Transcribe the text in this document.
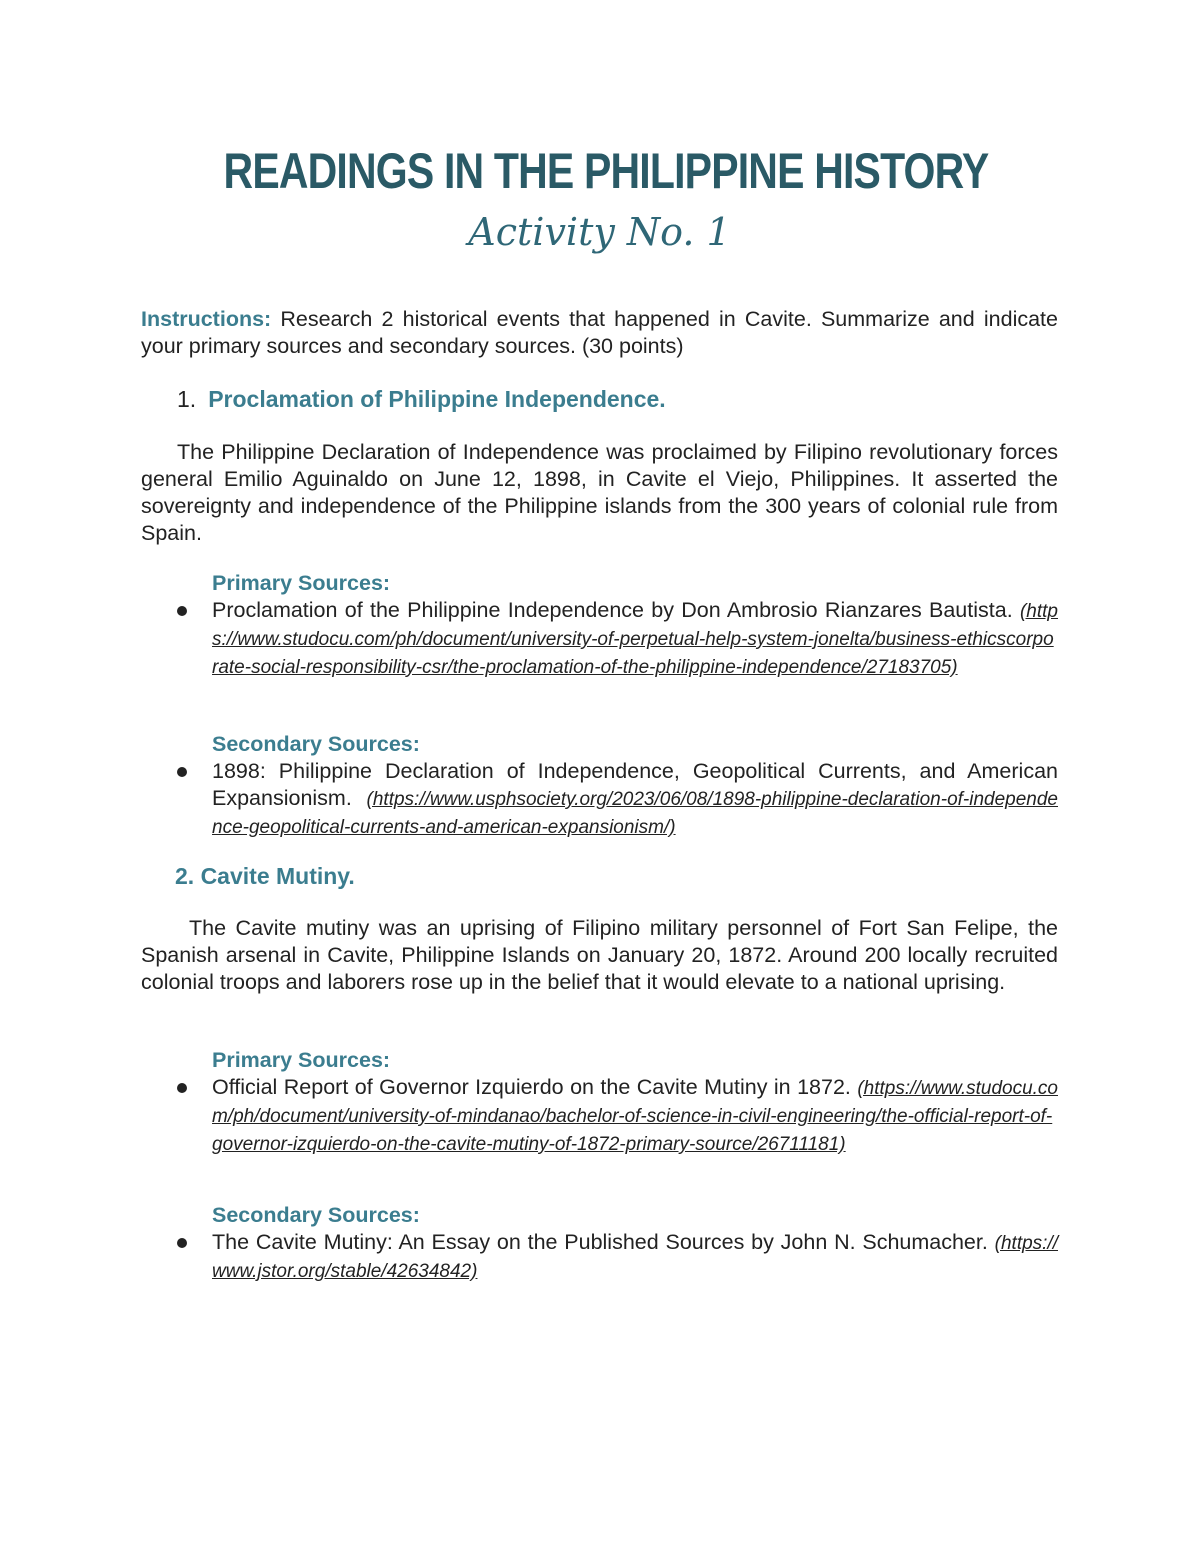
READINGS IN THE PHILIPPINE HISTORY
Activity No. 1
Instructions: Research 2 historical events that happened in Cavite. Summarize and indicate your primary sources and secondary sources. (30 points)
1. Proclamation of Philippine Independence.
The Philippine Declaration of Independence was proclaimed by Filipino revolutionary forces general Emilio Aguinaldo on June 12, 1898, in Cavite el Viejo, Philippines. It asserted the sovereignty and independence of the Philippine islands from the 300 years of colonial rule from Spain.
Primary Sources:
Proclamation of the Philippine Independence by Don Ambrosio Rianzares Bautista. (https://www.studocu.com/ph/document/university-of-perpetual-help-system-jonelta/business-ethicscorporate-social-responsibility-csr/the-proclamation-of-the-philippine-independence/27183705)
Secondary Sources:
1898: Philippine Declaration of Independence, Geopolitical Currents, and American Expansionism. (https://www.usphsociety.org/2023/06/08/1898-philippine-declaration-of-independence-geopolitical-currents-and-american-expansionism/)
2. Cavite Mutiny.
The Cavite mutiny was an uprising of Filipino military personnel of Fort San Felipe, the Spanish arsenal in Cavite, Philippine Islands on January 20, 1872. Around 200 locally recruited colonial troops and laborers rose up in the belief that it would elevate to a national uprising.
Primary Sources:
Official Report of Governor Izquierdo on the Cavite Mutiny in 1872. (https://www.studocu.com/ph/document/university-of-mindanao/bachelor-of-science-in-civil-engineering/the-official-report-of-governor-izquierdo-on-the-cavite-mutiny-of-1872-primary-source/26711181)
Secondary Sources:
The Cavite Mutiny: An Essay on the Published Sources by John N. Schumacher. (https://www.jstor.org/stable/42634842)
